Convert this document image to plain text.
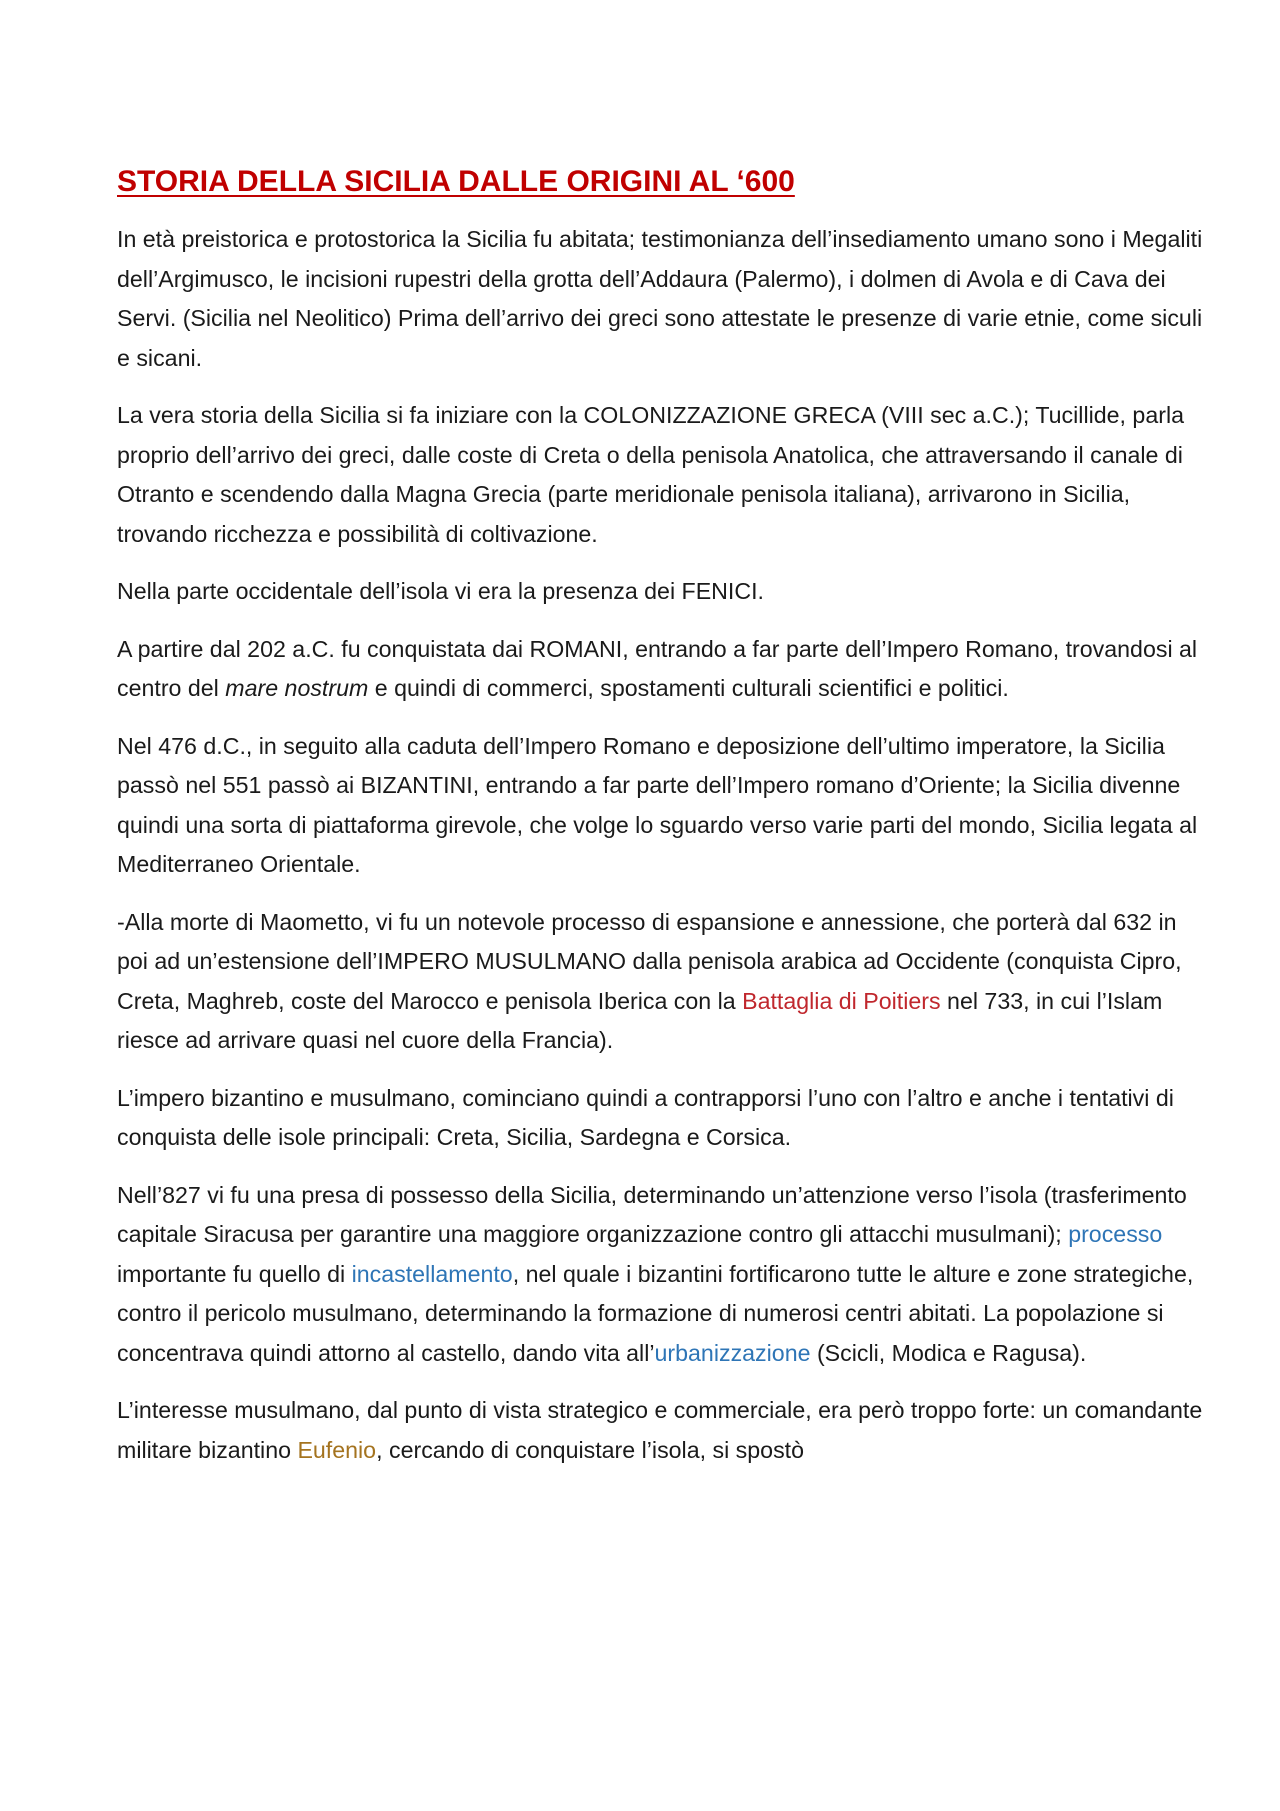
STORIA DELLA SICILIA DALLE ORIGINI AL ‘600

In età preistorica e protostorica la Sicilia fu abitata; testimonianza dell’insediamento umano sono i Megaliti dell’Argimusco, le incisioni rupestri della grotta dell’Addaura (Palermo), i dolmen di Avola e di Cava dei Servi. (Sicilia nel Neolitico) Prima dell’arrivo dei greci sono attestate le presenze di varie etnie, come siculi e sicani.

La vera storia della Sicilia si fa iniziare con la COLONIZZAZIONE GRECA (VIII sec a.C.); Tucillide, parla proprio dell’arrivo dei greci, dalle coste di Creta o della penisola Anatolica, che attraversando il canale di Otranto e scendendo dalla Magna Grecia (parte meridionale penisola italiana), arrivarono in Sicilia, trovando ricchezza e possibilità di coltivazione.

Nella parte occidentale dell’isola vi era la presenza dei FENICI.

A partire dal 202 a.C. fu conquistata dai ROMANI, entrando a far parte dell’Impero Romano, trovandosi al centro del mare nostrum e quindi di commerci, spostamenti culturali scientifici e politici.

Nel 476 d.C., in seguito alla caduta dell’Impero Romano e deposizione dell’ultimo imperatore, la Sicilia passò nel 551 passò ai BIZANTINI, entrando a far parte dell’Impero romano d’Oriente; la Sicilia divenne quindi una sorta di piattaforma girevole, che volge lo sguardo verso varie parti del mondo, Sicilia legata al Mediterraneo Orientale.

-Alla morte di Maometto, vi fu un notevole processo di espansione e annessione, che porterà dal 632 in poi ad un’estensione dell’IMPERO MUSULMANO dalla penisola arabica ad Occidente (conquista Cipro, Creta, Maghreb, coste del Marocco e penisola Iberica con la Battaglia di Poitiers nel 733, in cui l’Islam riesce ad arrivare quasi nel cuore della Francia).

L’impero bizantino e musulmano, cominciano quindi a contrapporsi l’uno con l’altro e anche i tentativi di conquista delle isole principali: Creta, Sicilia, Sardegna e Corsica.

Nell’827 vi fu una presa di possesso della Sicilia, determinando un’attenzione verso l’isola (trasferimento capitale Siracusa per garantire una maggiore organizzazione contro gli attacchi musulmani); processo importante fu quello di incastellamento, nel quale i bizantini fortificarono tutte le alture e zone strategiche, contro il pericolo musulmano, determinando la formazione di numerosi centri abitati. La popolazione si concentrava quindi attorno al castello, dando vita all’urbanizzazione (Scicli, Modica e Ragusa).

L’interesse musulmano, dal punto di vista strategico e commerciale, era però troppo forte: un comandante militare bizantino Eufenio, cercando di conquistare l’isola, si spostò
